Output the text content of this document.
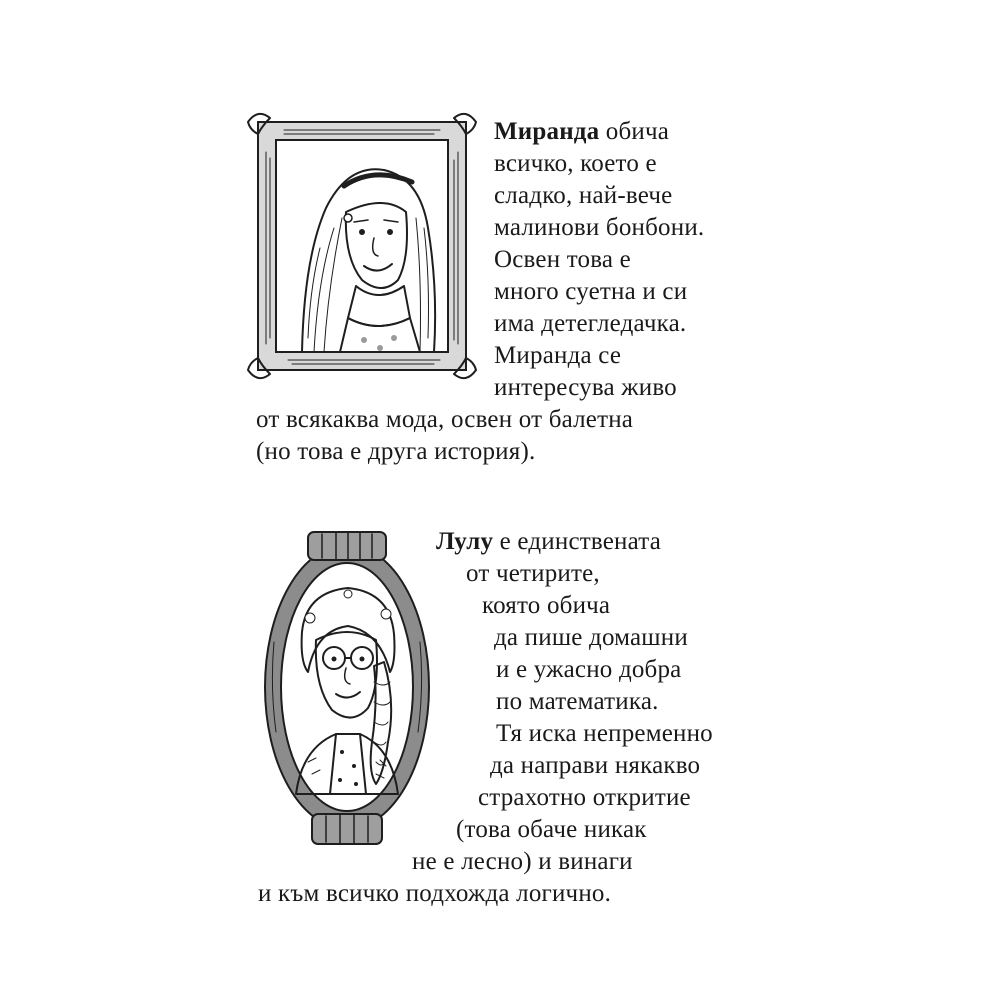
Миранда обича
всичко, което е
сладко, най-вече
малинови бонбони.
Освен това е
много суетна и си
има детегледачка.
Миранда се
интересува живо
от всякаква мода, освен от балетна
(но това е друга история).
Лулу е единствената
от четирите,
която обича
да пише домашни
и е ужасно добра
по математика.
Тя иска непременно
да направи някакво
страхотно откритие
(това обаче никак
не е лесно) и винаги
и към всичко подхожда логично.
